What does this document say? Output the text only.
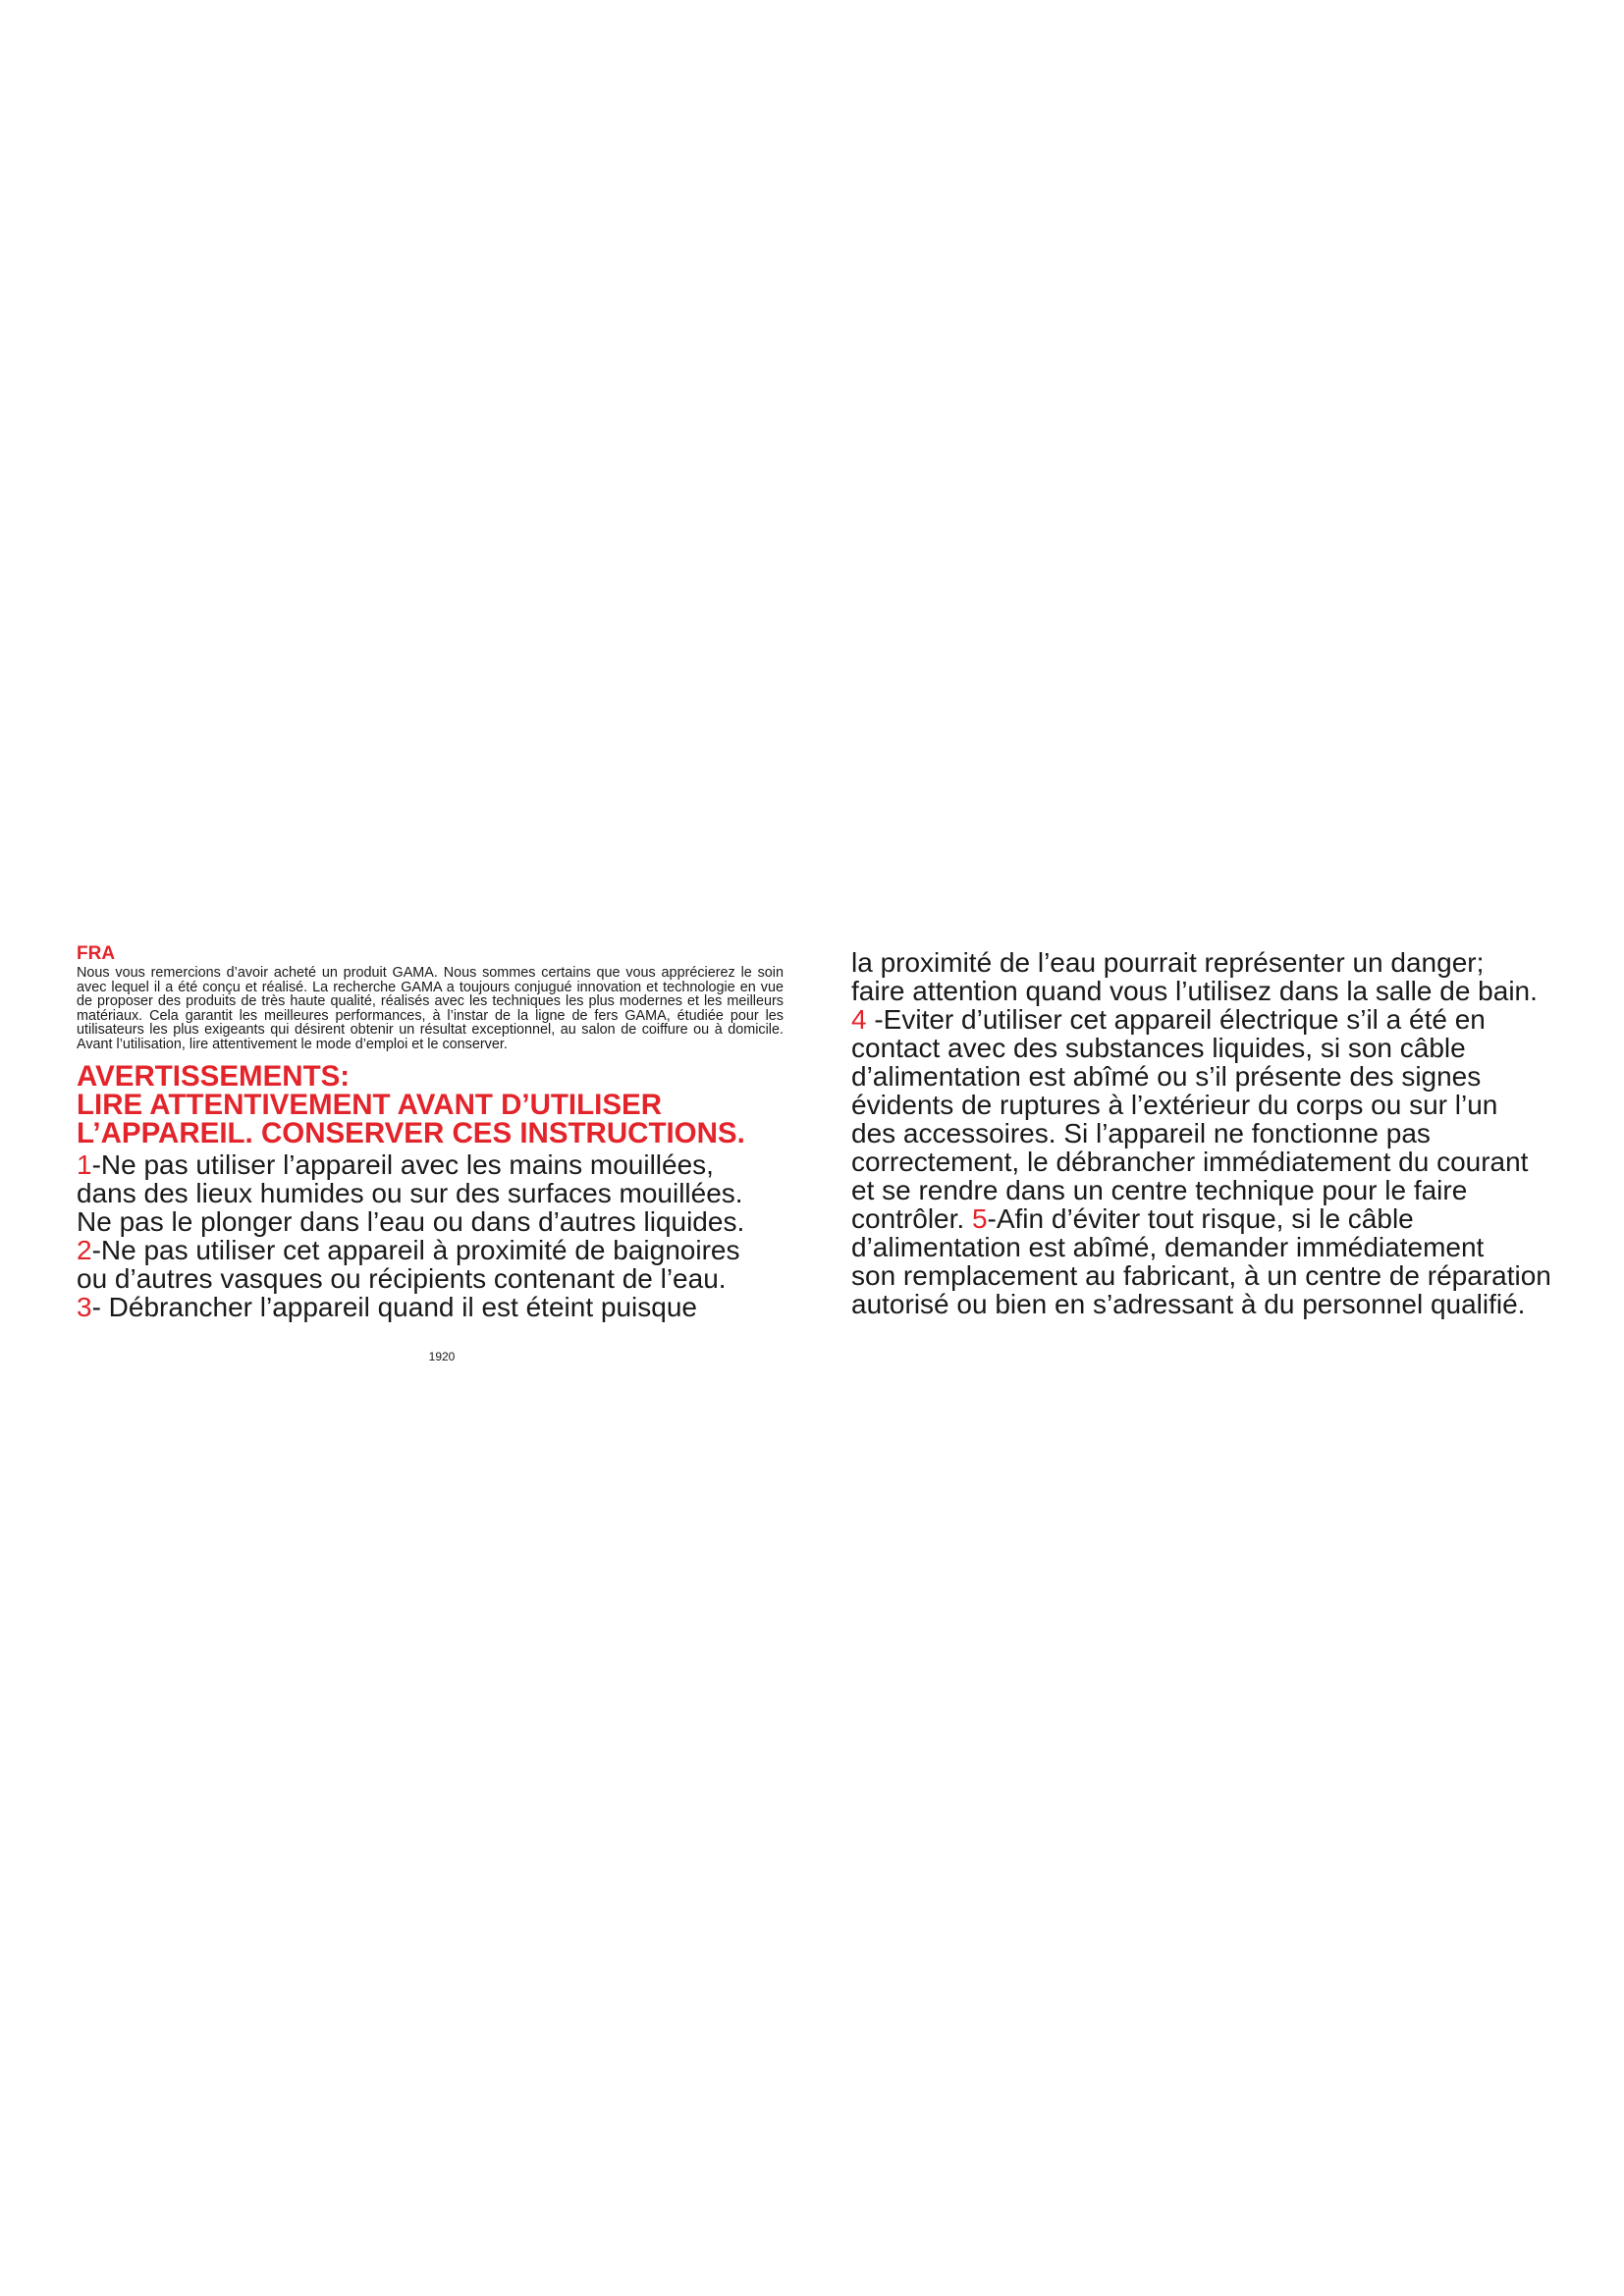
FRA

Nous vous remercions d’avoir acheté un produit GAMA. Nous sommes certains que vous apprécierez le soin avec lequel il a été conçu et réalisé. La recherche GAMA a toujours conjugué innovation et technologie en vue de proposer des produits de très haute qualité, réalisés avec les techniques les plus modernes et les meilleurs matériaux. Cela garantit les meilleures performances, à l’instar de la ligne de fers GAMA, étudiée pour les utilisateurs les plus exigeants qui désirent obtenir un résultat exceptionnel, au salon de coiffure ou à domicile. Avant l’utilisation, lire attentivement le mode d’emploi et le conserver.

AVERTISSEMENTS:
LIRE ATTENTIVEMENT AVANT D’UTILISER
L’APPAREIL. CONSERVER CES INSTRUCTIONS.

1-Ne pas utiliser l’appareil avec les mains mouillées,
dans des lieux humides ou sur des surfaces mouillées.
Ne pas le plonger dans l’eau ou dans d’autres liquides.
2-Ne pas utiliser cet appareil à proximité de baignoires
ou d’autres vasques ou récipients contenant de l’eau.
3- Débrancher l’appareil quand il est éteint puisque

1920

la proximité de l’eau pourrait représenter un danger;
faire attention quand vous l’utilisez dans la salle de bain.
4 -Eviter d’utiliser cet appareil électrique s’il a été en
contact avec des substances liquides, si son câble
d’alimentation est abîmé ou s’il présente des signes
évidents de ruptures à l’extérieur du corps ou sur l’un
des accessoires. Si l’appareil ne fonctionne pas
correctement, le débrancher immédiatement du courant
et se rendre dans un centre technique pour le faire
contrôler. 5-Afin d’éviter tout risque, si le câble
d’alimentation est abîmé, demander immédiatement
son remplacement au fabricant, à un centre de réparation
autorisé ou bien en s’adressant à du personnel qualifié.
